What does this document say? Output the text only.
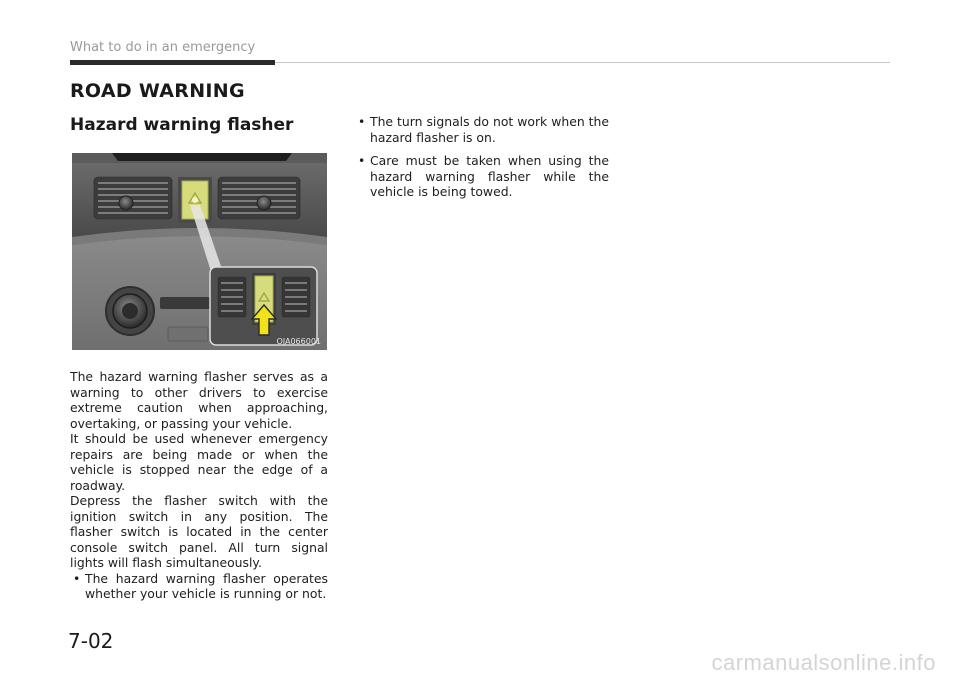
What to do in an emergency
ROAD WARNING
Hazard warning flasher
OJA066001

The hazard warning flasher serves as a warning to other drivers to exercise extreme caution when approaching, overtaking, or passing your vehicle.

It should be used whenever emergency repairs are being made or when the vehicle is stopped near the edge of a roadway.

Depress the flasher switch with the ignition switch in any position. The flasher switch is located in the center console switch panel. All turn signal lights will flash simultaneously.

• The hazard warning flasher operates whether your vehicle is running or not.
• The turn signals do not work when the hazard flasher is on.
• Care must be taken when using the hazard warning flasher while the vehicle is being towed.
7-02
carmanualsonline.info
